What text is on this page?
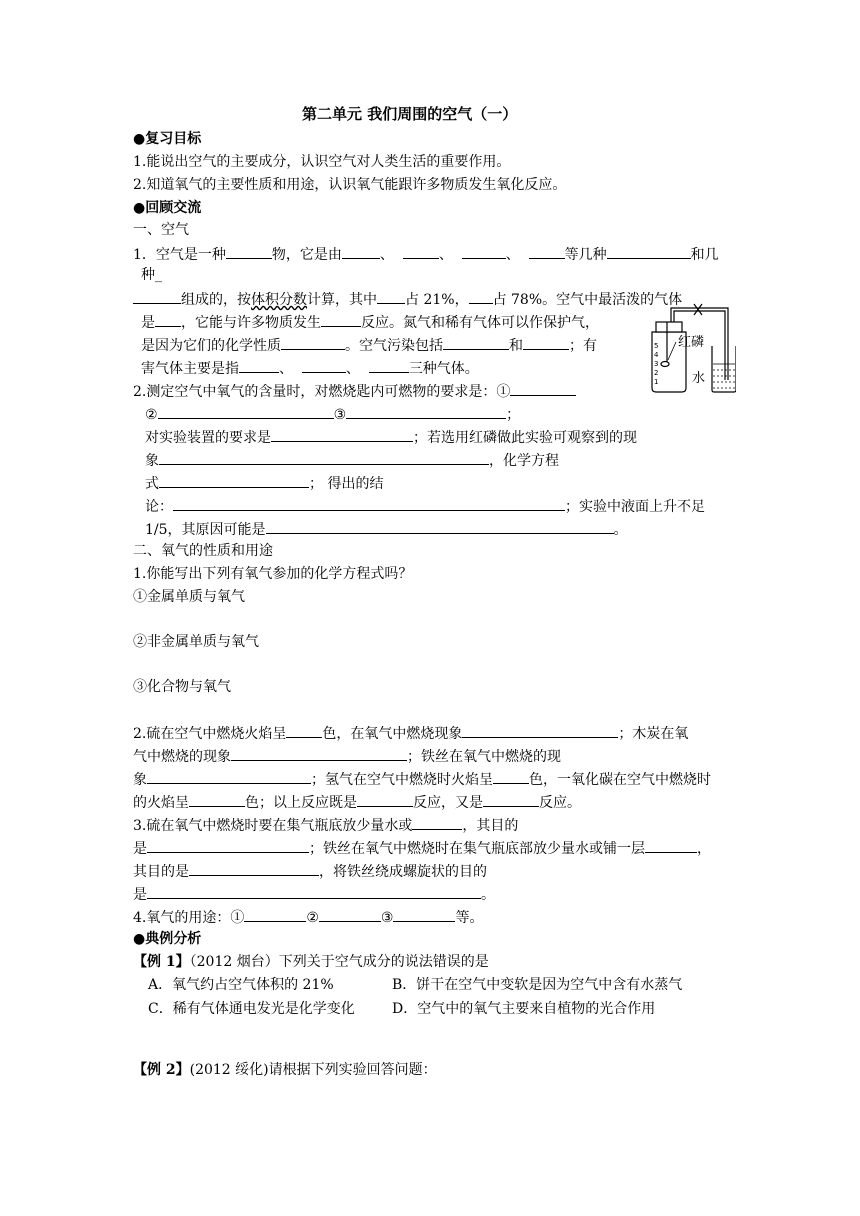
第二单元 我们周围的空气（一）
●复习目标
1.能说出空气的主要成分，认识空气对人类生活的重要作用。
2.知道氧气的主要性质和用途，认识氧气能跟许多物质发生氧化反应。
●回顾交流
一、空气
1．空气是一种	物，它是由	、	、	、	等几种	和几
种_
组成的，按体积分数计算，其中 占 21%， 占 78%。空气中最活泼的气体
是 ，它能与许多物质发生	反应。氮气和稀有气体可以作保护气，
是因为它们的化学性质	。空气污染包括	和	；有
害气体主要是指	、	、	三种气体。
1
2
3
4
5 红磷
水
2.测定空气中氧气的含量时，对燃烧匙内可燃物的要求是：①
②	③	；
对实验装置的要求是	；若选用红磷做此实验可观察到的现
象	，化学方程
式	； 得出的结
论：	；实验中液面上升不足
1/5，其原因可能是	。
二、氧气的性质和用途
1.你能写出下列有氧气参加的化学方程式吗？
①金属单质与氧气
②非金属单质与氧气
③化合物与氧气
2.硫在空气中燃烧火焰呈	色，在氧气中燃烧现象	；木炭在氧
气中燃烧的现象	；铁丝在氧气中燃烧的现
象	；氢气在空气中燃烧时火焰呈	色，一氧化碳在空气中燃烧时
的火焰呈	色；以上反应既是	反应，又是	反应。
3.硫在氧气中燃烧时要在集气瓶底放少量水或	，其目的
是	；铁丝在氧气中燃烧时在集气瓶底部放少量水或铺一层	，
其目的是	，将铁丝绕成螺旋状的目的
是	。
4.氧气的用途：①	②	③	等。
●典例分析
【例 1】（2012 烟台）下列关于空气成分的说法错误的是
A．氧气约占空气体积的 21%	B．饼干在空气中变软是因为空气中含有水蒸气
C．稀有气体通电发光是化学变化	D．空气中的氧气主要来自植物的光合作用
【例 2】(2012 绥化)请根据下列实验回答问题：
